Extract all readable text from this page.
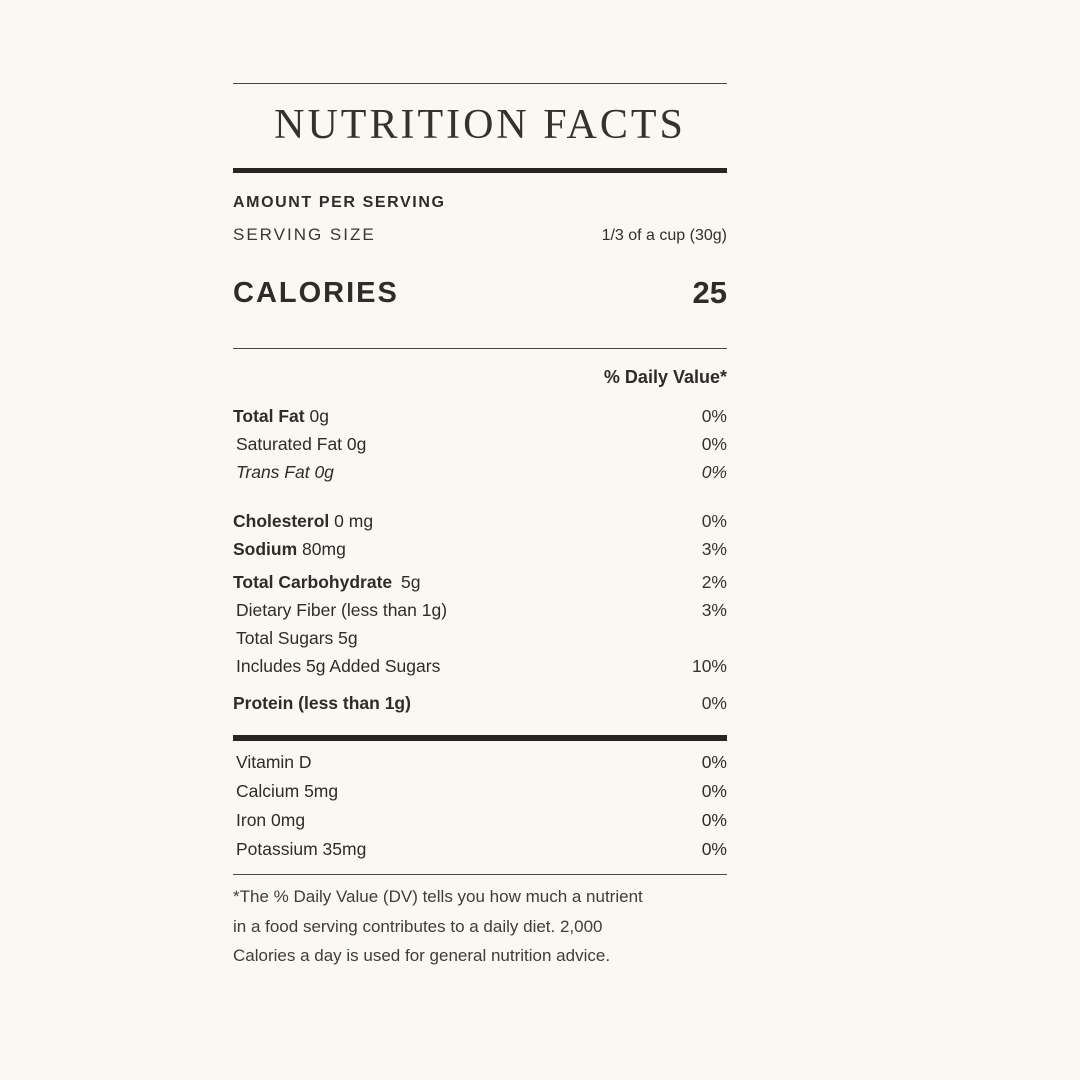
NUTRITION FACTS
AMOUNT PER SERVING
SERVING SIZE	1/3 of a cup (30g)
CALORIES	25
% Daily Value*
Total Fat 0g	0%
Saturated Fat 0g	0%
Trans Fat 0g	0%
Cholesterol 0 mg	0%
Sodium 80mg	3%
Total Carbohydrate 5g	2%
Dietary Fiber (less than 1g)	3%
Total Sugars 5g
Includes 5g Added Sugars	10%
Protein (less than 1g)	0%
Vitamin D	0%
Calcium 5mg	0%
Iron 0mg	0%
Potassium 35mg	0%
*The % Daily Value (DV) tells you how much a nutrient
in a food serving contributes to a daily diet. 2,000
Calories a day is used for general nutrition advice.
